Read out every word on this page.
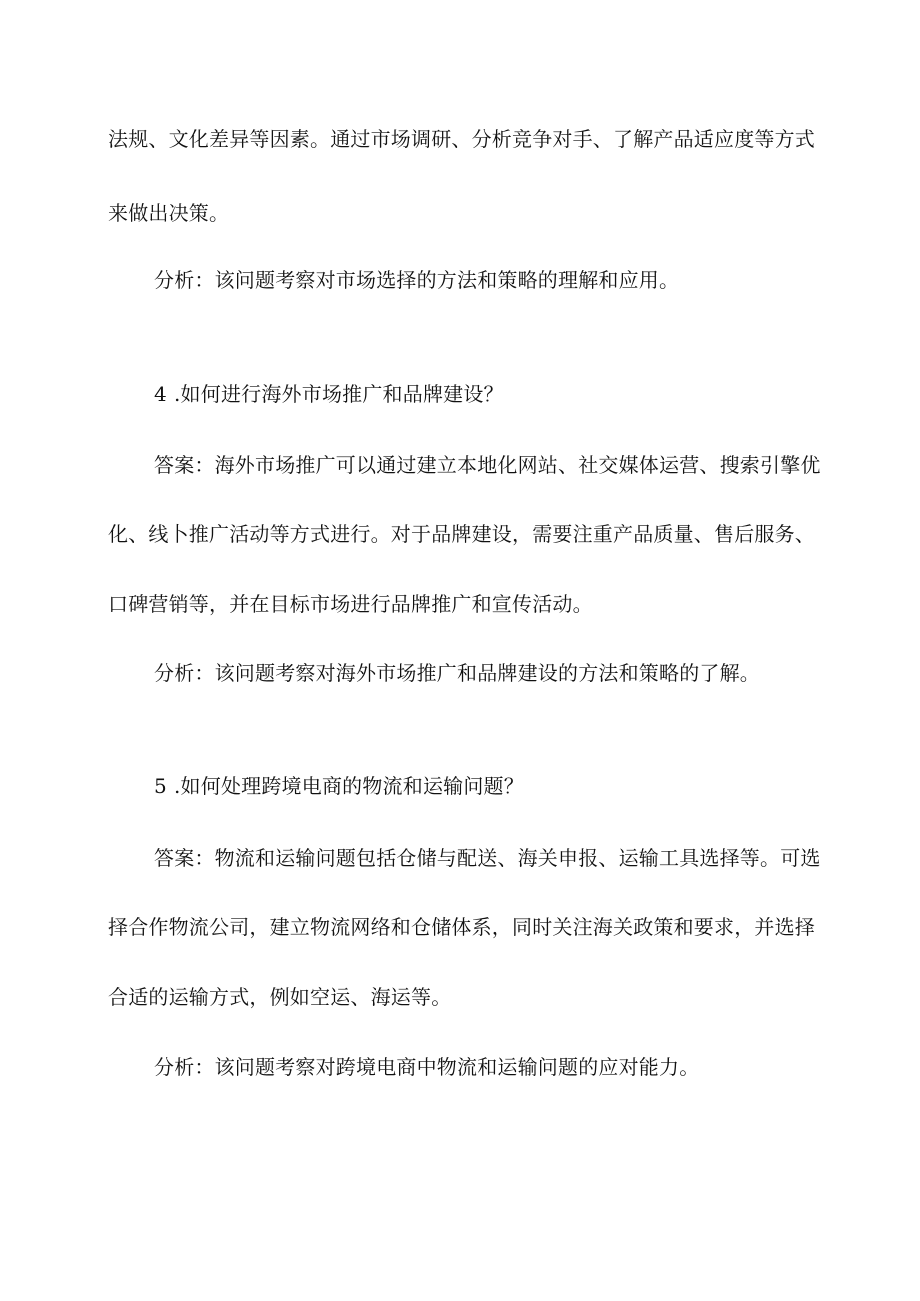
法规、文化差异等因素。通过市场调研、分析竞争对手、了解产品适应度等方式
来做出决策。
分析：该问题考察对市场选择的方法和策略的理解和应用。
4 .如何进行海外市场推广和品牌建设？
答案：海外市场推广可以通过建立本地化网站、社交媒体运营、搜索引擎优
化、线卜推广活动等方式进行。对于品牌建设，需要注重产品质量、售后服务、
口碑营销等，并在目标市场进行品牌推广和宣传活动。
分析：该问题考察对海外市场推广和品牌建设的方法和策略的了解。
5 .如何处理跨境电商的物流和运输问题？
答案：物流和运输问题包括仓储与配送、海关申报、运输工具选择等。可选
择合作物流公司，建立物流网络和仓储体系，同时关注海关政策和要求，并选择
合适的运输方式，例如空运、海运等。
分析：该问题考察对跨境电商中物流和运输问题的应对能力。
